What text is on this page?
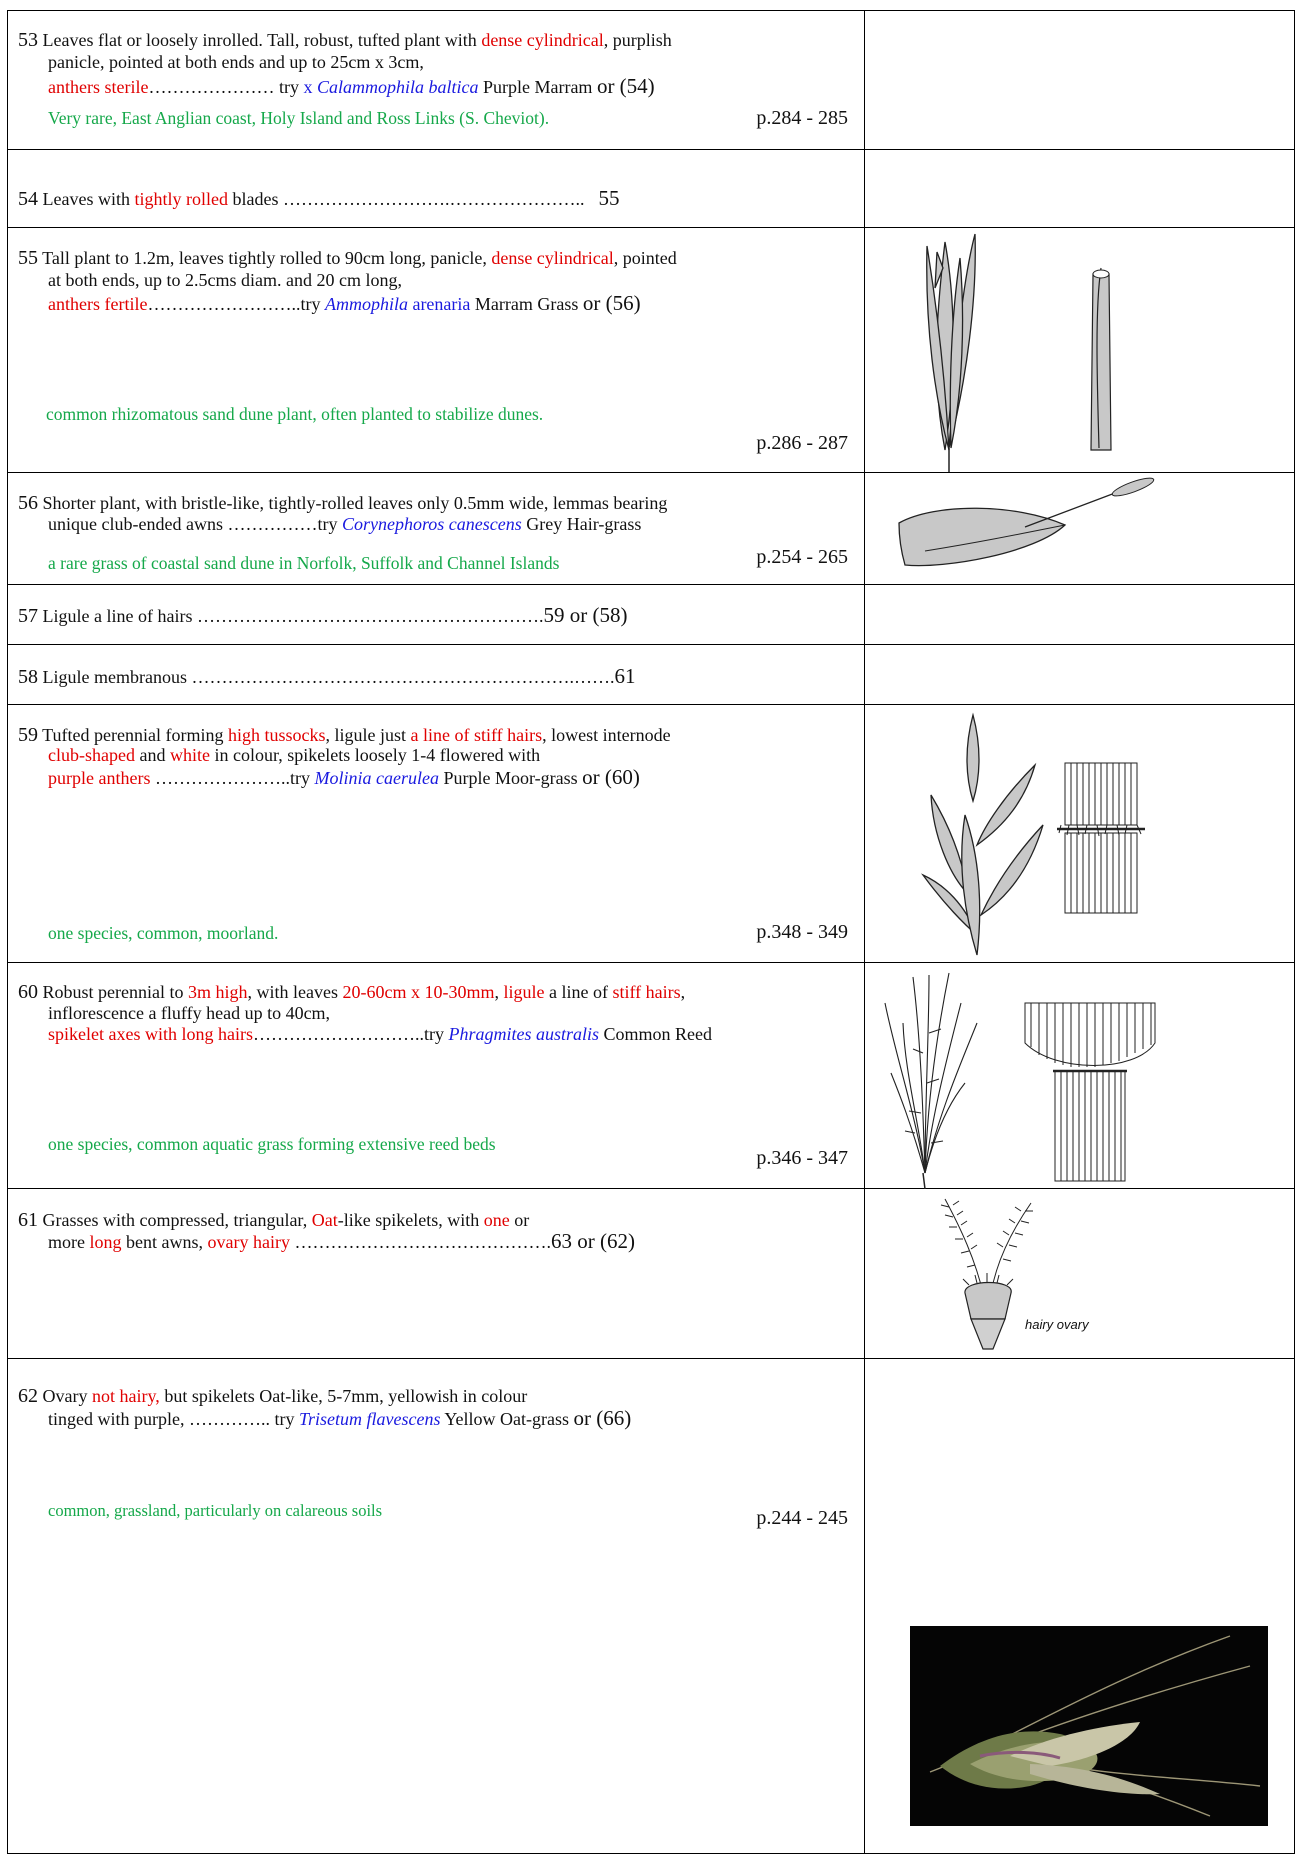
53 Leaves flat or loosely inrolled. Tall, robust, tufted plant with dense cylindrical, purplish
panicle, pointed at both ends and up to 25cm x 3cm,
anthers sterile………………… try x Calammophila baltica Purple Marram or (54)
Very rare, East Anglian coast, Holy Island and Ross Links (S. Cheviot).	p.284 - 285
54 Leaves with tightly rolled blades ……………………….………………….. 55
55 Tall plant to 1.2m, leaves tightly rolled to 90cm long, panicle, dense cylindrical, pointed
at both ends, up to 2.5cms diam. and 20 cm long,
anthers fertile……………………..try Ammophila arenaria Marram Grass or (56)
common rhizomatous sand dune plant, often planted to stabilize dunes.
p.286 - 287
56 Shorter plant, with bristle-like, tightly-rolled leaves only 0.5mm wide, lemmas bearing
unique club-ended awns ……………try Corynephoros canescens Grey Hair-grass
a rare grass of coastal sand dune in Norfolk, Suffolk and Channel Islands	p.254 - 265
57 Ligule a line of hairs ………………………………………………….59 or (58)
58 Ligule membranous ……………………………………………………….…….61
59 Tufted perennial forming high tussocks, ligule just a line of stiff hairs, lowest internode
club-shaped and white in colour, spikelets loosely 1-4 flowered with
purple anthers …………………..try Molinia caerulea Purple Moor-grass or (60)
one species, common, moorland.	p.348 - 349
60 Robust perennial to 3m high, with leaves 20-60cm x 10-30mm, ligule a line of stiff hairs,
inflorescence a fluffy head up to 40cm,
spikelet axes with long hairs………………………..try Phragmites australis Common Reed
one species, common aquatic grass forming extensive reed beds
p.346 - 347
61 Grasses with compressed, triangular, Oat-like spikelets, with one or
more long bent awns, ovary hairy …………………………………….63 or (62)
hairy ovary
62 Ovary not hairy, but spikelets Oat-like, 5-7mm, yellowish in colour
tinged with purple, ………….. try Trisetum flavescens Yellow Oat-grass or (66)
common, grassland, particularly on calareous soils	p.244 - 245
